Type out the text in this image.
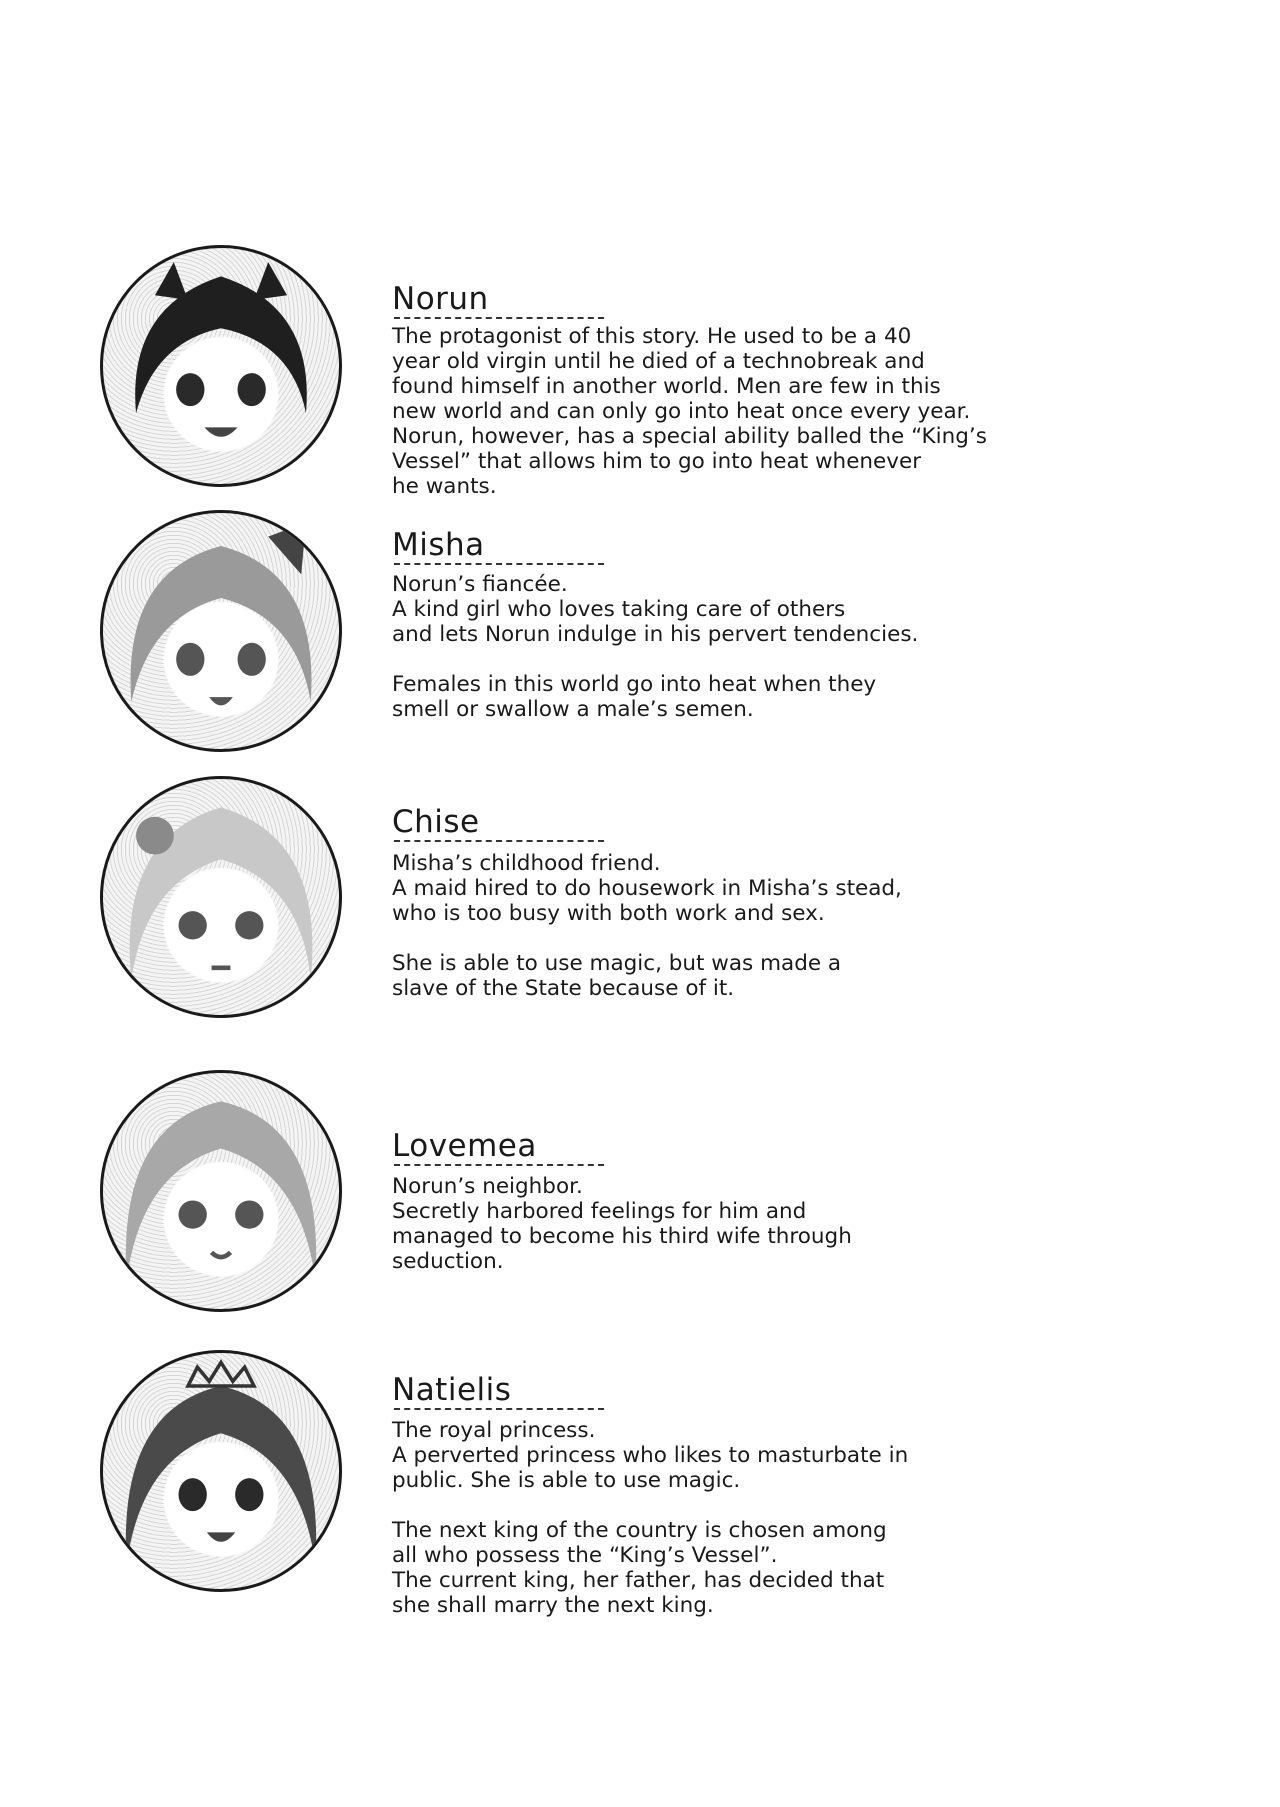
Norun

The protagonist of this story. He used to be a 40

year old virgin until he died of a technobreak and

found himself in another world. Men are few in this

new world and can only go into heat once every year.

Norun, however, has a special ability balled the “King’s

Vessel” that allows him to go into heat whenever

he wants.

Misha

Norun’s fiancée.

A kind girl who loves taking care of others

and lets Norun indulge in his pervert tendencies.

Females in this world go into heat when they

smell or swallow a male’s semen.

Chise

Misha’s childhood friend.

A maid hired to do housework in Misha’s stead,

who is too busy with both work and sex.

She is able to use magic, but was made a

slave of the State because of it.

Lovemea

Norun’s neighbor.

Secretly harbored feelings for him and

managed to become his third wife through

seduction.

Natielis

The royal princess.

A perverted princess who likes to masturbate in

public. She is able to use magic.

The next king of the country is chosen among

all who possess the “King’s Vessel”.

The current king, her father, has decided that

she shall marry the next king.
